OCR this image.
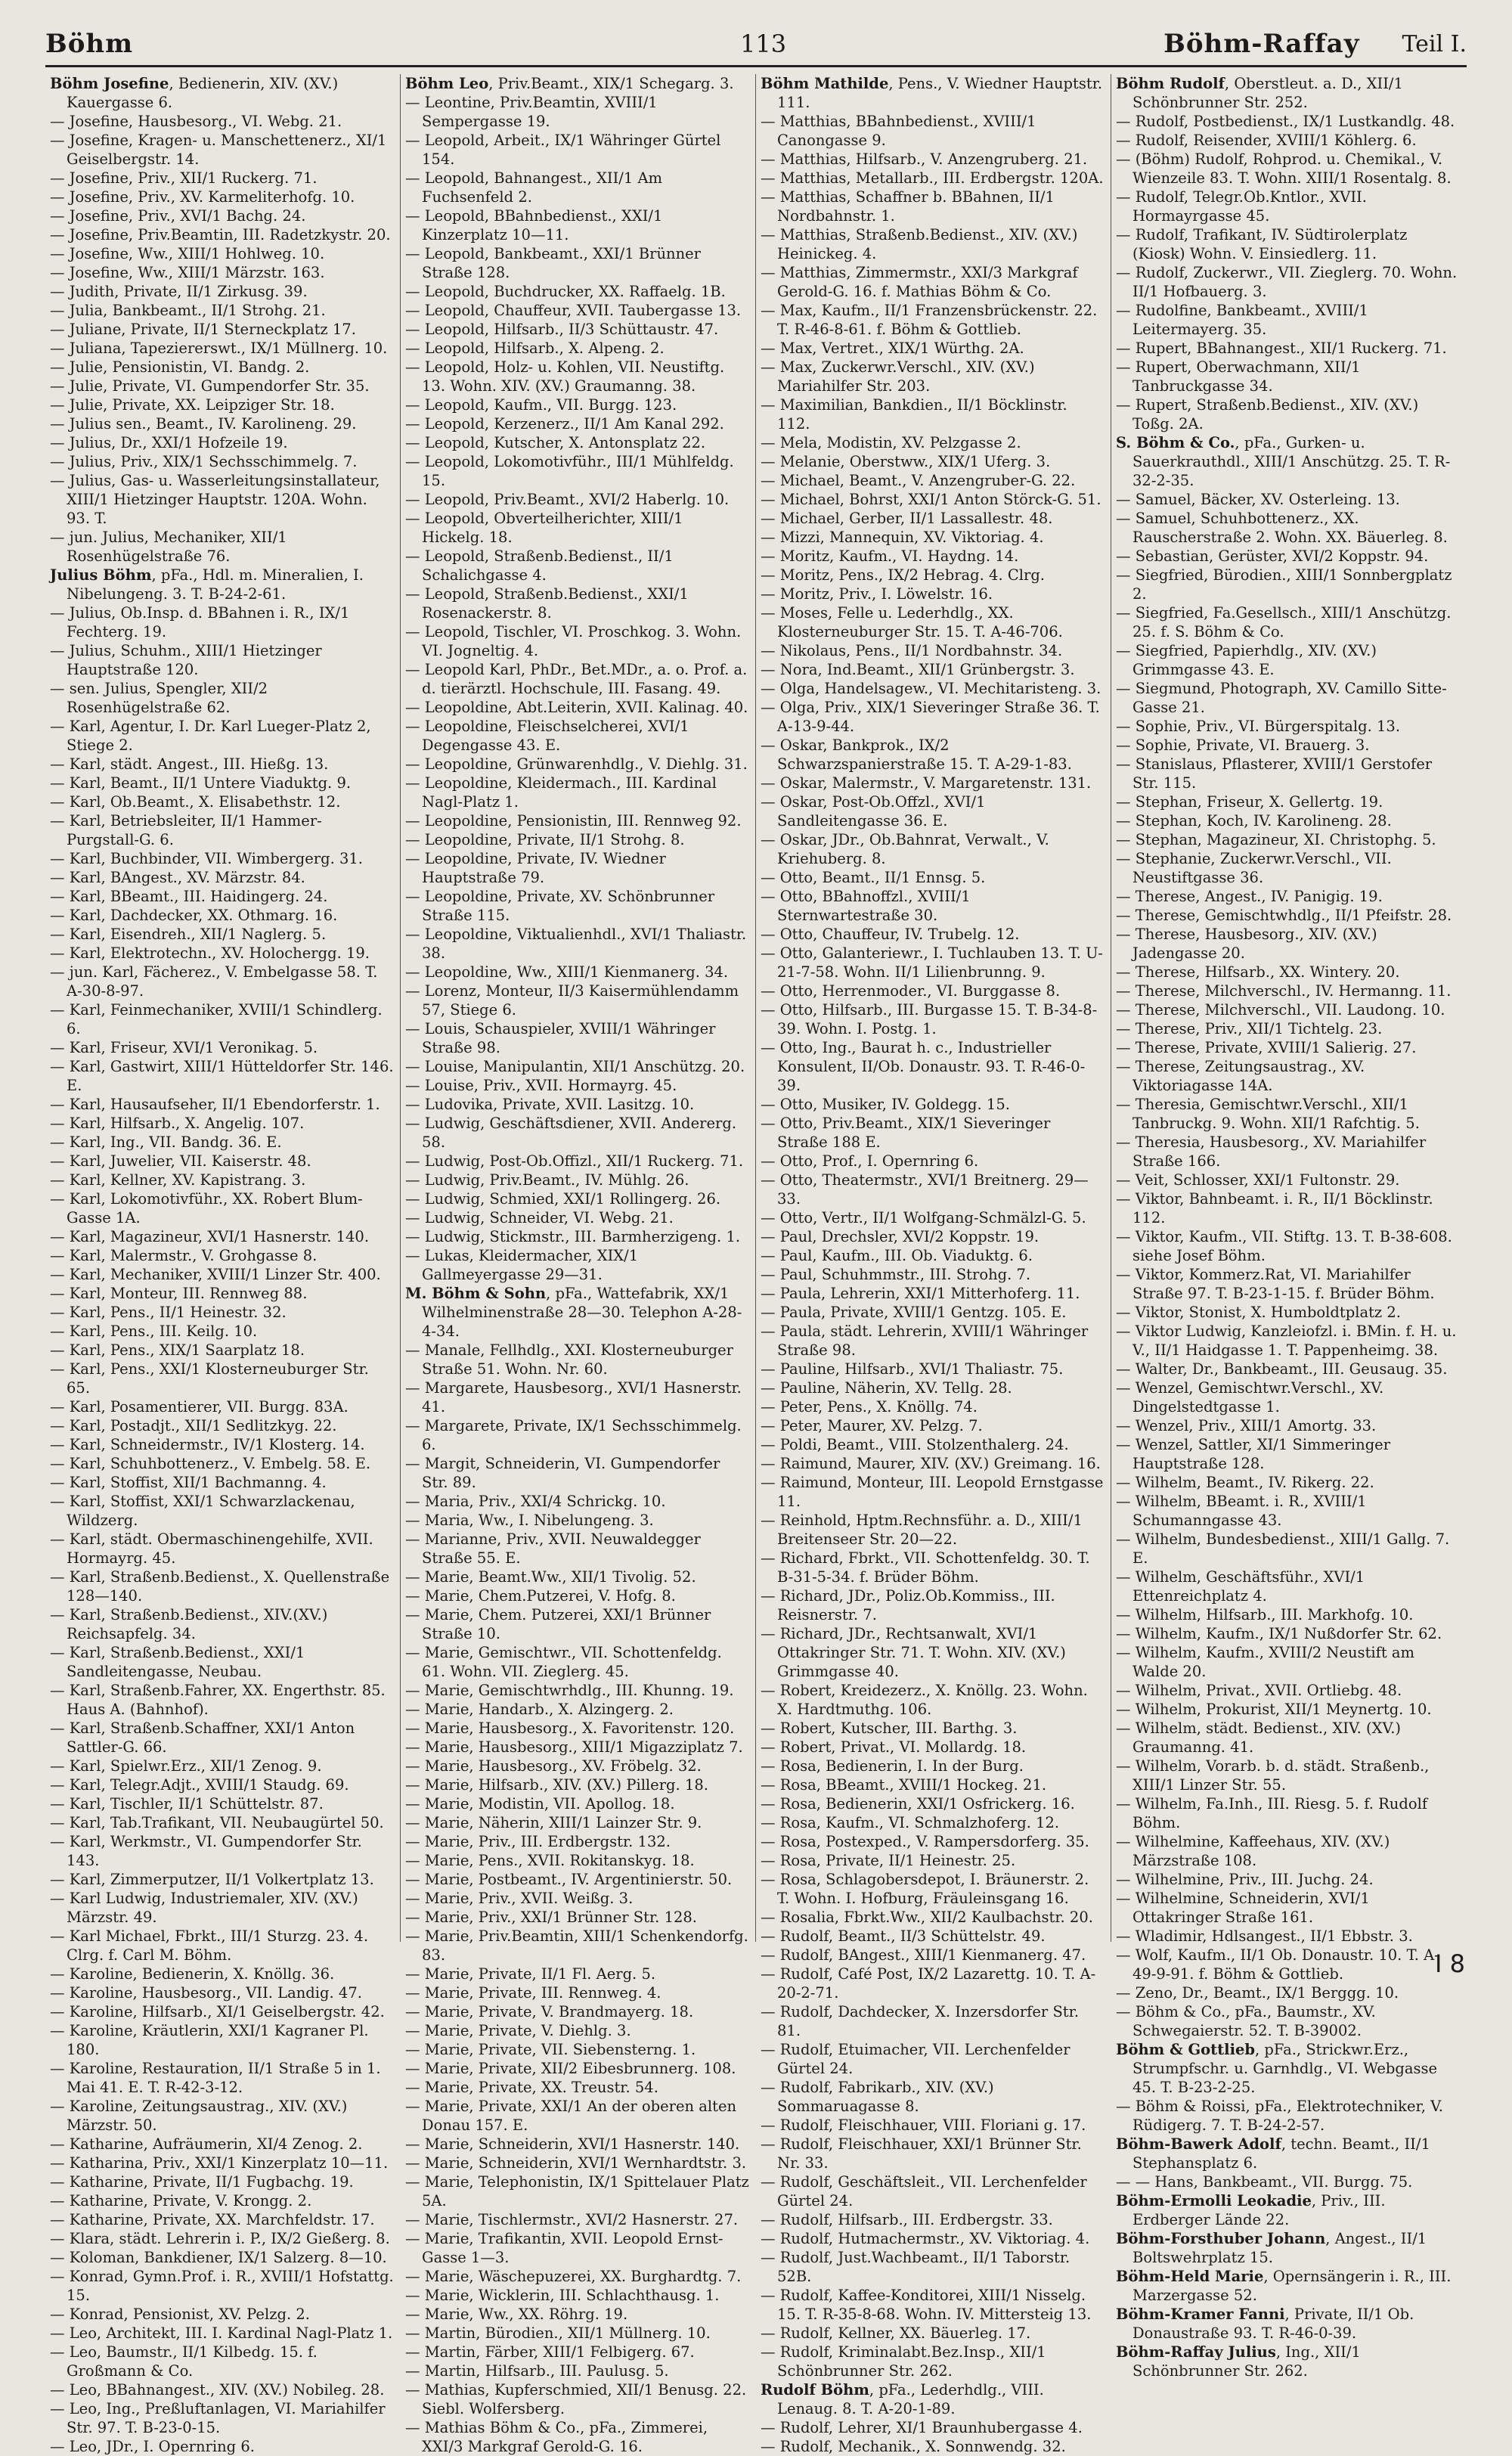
Böhm	113	Böhm-Raffay Teil I.
Böhm Josefine, Bedienerin, XIV. (XV.) Kauergasse 6.
— Josefine, Hausbesorg., VI. Webg. 21.
— Josefine, Kragen- u. Manschettenerz., XI/1 Geiselbergstr. 14.
— Josefine, Priv., XII/1 Ruckerg. 71.
— Josefine, Priv., XV. Karmeliterhofg. 10.
— Josefine, Priv., XVI/1 Bachg. 24.
— Josefine, Priv.Beamtin, III. Radetzkystr. 20.
— Josefine, Ww., XIII/1 Hohlweg. 10.
— Josefine, Ww., XIII/1 Märzstr. 163.
— Judith, Private, II/1 Zirkusg. 39.
— Julia, Bankbeamt., II/1 Strohg. 21.
— Juliane, Private, II/1 Sterneckplatz 17.
— Juliana, Tapeziererswt., IX/1 Müllnerg. 10.
— Julie, Pensionistin, VI. Bandg. 2.
— Julie, Private, VI. Gumpendorfer Str. 35.
— Julie, Private, XX. Leipziger Str. 18.
— Julius sen., Beamt., IV. Karolineng. 29.
— Julius, Dr., XXI/1 Hofzeile 19.
— Julius, Priv., XIX/1 Sechsschimmelg. 7.
— Julius, Gas- u. Wasserleitungsinstallateur, XIII/1 Hietzinger Hauptstr. 120A. Wohn. 93. T.
— jun. Julius, Mechaniker, XII/1 Rosenhügelstraße 76.
Julius Böhm, pFa., Hdl. m. Mineralien, I. Nibelungeng. 3. T. B-24-2-61.
— Julius, Ob.Insp. d. BBahnen i. R., IX/1 Fechterg. 19.
— Julius, Schuhm., XIII/1 Hietzinger Hauptstraße 120.
— sen. Julius, Spengler, XII/2 Rosenhügelstraße 62.
— Karl, Agentur, I. Dr. Karl Lueger-Platz 2, Stiege 2.
— Karl, städt. Angest., III. Hießg. 13.
— Karl, Beamt., II/1 Untere Viaduktg. 9.
— Karl, Ob.Beamt., X. Elisabethstr. 12.
— Karl, Betriebsleiter, II/1 Hammer-Purgstall-G. 6.
— Karl, Buchbinder, VII. Wimbergerg. 31.
— Karl, BAngest., XV. Märzstr. 84.
— Karl, BBeamt., III. Haidingerg. 24.
— Karl, Dachdecker, XX. Othmarg. 16.
— Karl, Eisendreh., XII/1 Naglerg. 5.
— Karl, Elektrotechn., XV. Holochergg. 19.
— jun. Karl, Fächerez., V. Embelgasse 58. T. A-30-8-97.
— Karl, Feinmechaniker, XVIII/1 Schindlerg. 6.
— Karl, Friseur, XVI/1 Veronikag. 5.
— Karl, Gastwirt, XIII/1 Hütteldorfer Str. 146. E.
— Karl, Hausaufseher, II/1 Ebendorferstr. 1.
— Karl, Hilfsarb., X. Angelig. 107.
— Karl, Ing., VII. Bandg. 36. E.
— Karl, Juwelier, VII. Kaiserstr. 48.
— Karl, Kellner, XV. Kapistrang. 3.
— Karl, Lokomotivführ., XX. Robert Blum-Gasse 1A.
— Karl, Magazineur, XVI/1 Hasnerstr. 140.
— Karl, Malermstr., V. Grohgasse 8.
— Karl, Mechaniker, XVIII/1 Linzer Str. 400.
— Karl, Monteur, III. Rennweg 88.
— Karl, Pens., II/1 Heinestr. 32.
— Karl, Pens., III. Keilg. 10.
— Karl, Pens., XIX/1 Saarplatz 18.
— Karl, Pens., XXI/1 Klosterneuburger Str. 65.
— Karl, Posamentierer, VII. Burgg. 83A.
— Karl, Postadjt., XII/1 Sedlitzkyg. 22.
— Karl, Schneidermstr., IV/1 Klosterg. 14.
— Karl, Schuhbottenerz., V. Embelg. 58. E.
— Karl, Stoffist, XII/1 Bachmanng. 4.
— Karl, Stoffist, XXI/1 Schwarzlackenau, Wildzerg.
— Karl, städt. Obermaschinengehilfe, XVII. Hormayrg. 45.
— Karl, Straßenb.Bedienst., X. Quellenstraße 128—140.
— Karl, Straßenb.Bedienst., XIV.(XV.) Reichsapfelg. 34.
— Karl, Straßenb.Bedienst., XXI/1 Sandleitengasse, Neubau.
— Karl, Straßenb.Fahrer, XX. Engerthstr. 85. Haus A. (Bahnhof).
— Karl, Straßenb.Schaffner, XXI/1 Anton Sattler-G. 66.
— Karl, Spielwr.Erz., XII/1 Zenog. 9.
— Karl, Telegr.Adjt., XVIII/1 Staudg. 69.
— Karl, Tischler, II/1 Schüttelstr. 87.
— Karl, Tab.Trafikant, VII. Neubaugürtel 50.
— Karl, Werkmstr., VI. Gumpendorfer Str. 143.
— Karl, Zimmerputzer, II/1 Volkertplatz 13.
— Karl Ludwig, Industriemaler, XIV. (XV.) Märzstr. 49.
— Karl Michael, Fbrkt., III/1 Sturzg. 23. 4. Clrg. f. Carl M. Böhm.
— Karoline, Bedienerin, X. Knöllg. 36.
— Karoline, Hausbesorg., VII. Landig. 47.
— Karoline, Hilfsarb., XI/1 Geiselbergstr. 42.
— Karoline, Kräutlerin, XXI/1 Kagraner Pl. 180.
— Karoline, Restauration, II/1 Straße 5 in 1. Mai 41. E. T. R-42-3-12.
— Karoline, Zeitungsaustrag., XIV. (XV.) Märzstr. 50.
— Katharine, Aufräumerin, XI/4 Zenog. 2.
— Katharina, Priv., XXI/1 Kinzerplatz 10—11.
— Katharine, Private, II/1 Fugbachg. 19.
— Katharine, Private, V. Krongg. 2.
— Katharine, Private, XX. Marchfeldstr. 17.
— Klara, städt. Lehrerin i. P., IX/2 Gießerg. 8.
— Koloman, Bankdiener, IX/1 Salzerg. 8—10.
— Konrad, Gymn.Prof. i. R., XVIII/1 Hofstattg. 15.
— Konrad, Pensionist, XV. Pelzg. 2.
— Leo, Architekt, III. I. Kardinal Nagl-Platz 1.
— Leo, Baumstr., II/1 Kilbedg. 15. f. Großmann & Co.
— Leo, BBahnangest., XIV. (XV.) Nobileg. 28.
— Leo, Ing., Preßluftanlagen, VI. Mariahilfer Str. 97. T. B-23-0-15.
— Leo, JDr., I. Opernring 6.
Böhm Leo, Priv.Beamt., XIX/1 Schegarg. 3.
— Leontine, Priv.Beamtin, XVIII/1 Sempergasse 19.
— Leopold, Arbeit., IX/1 Währinger Gürtel 154.
— Leopold, Bahnangest., XII/1 Am Fuchsenfeld 2.
— Leopold, BBahnbedienst., XXI/1 Kinzerplatz 10—11.
— Leopold, Bankbeamt., XXI/1 Brünner Straße 128.
— Leopold, Buchdrucker, XX. Raffaelg. 1B.
— Leopold, Chauffeur, XVII. Taubergasse 13.
— Leopold, Hilfsarb., II/3 Schüttaustr. 47.
— Leopold, Hilfsarb., X. Alpeng. 2.
— Leopold, Holz- u. Kohlen, VII. Neustiftg. 13. Wohn. XIV. (XV.) Graumanng. 38.
— Leopold, Kaufm., VII. Burgg. 123.
— Leopold, Kerzenerz., II/1 Am Kanal 292.
— Leopold, Kutscher, X. Antonsplatz 22.
— Leopold, Lokomotivführ., III/1 Mühlfeldg. 15.
— Leopold, Priv.Beamt., XVI/2 Haberlg. 10.
— Leopold, Obverteilherichter, XIII/1 Hickelg. 18.
— Leopold, Straßenb.Bedienst., II/1 Schalichgasse 4.
— Leopold, Straßenb.Bedienst., XXI/1 Rosenackerstr. 8.
— Leopold, Tischler, VI. Proschkog. 3. Wohn. VI. Jogneltig. 4.
— Leopold Karl, PhDr., Bet.MDr., a. o. Prof. a. d. tierärztl. Hochschule, III. Fasang. 49.
— Leopoldine, Abt.Leiterin, XVII. Kalinag. 40.
— Leopoldine, Fleischselcherei, XVI/1 Degengasse 43. E.
— Leopoldine, Grünwarenhdlg., V. Diehlg. 31.
— Leopoldine, Kleidermach., III. Kardinal Nagl-Platz 1.
— Leopoldine, Pensionistin, III. Rennweg 92.
— Leopoldine, Private, II/1 Strohg. 8.
— Leopoldine, Private, IV. Wiedner Hauptstraße 79.
— Leopoldine, Private, XV. Schönbrunner Straße 115.
— Leopoldine, Viktualienhdl., XVI/1 Thaliastr. 38.
— Leopoldine, Ww., XIII/1 Kienmanerg. 34.
— Lorenz, Monteur, II/3 Kaisermühlendamm 57, Stiege 6.
— Louis, Schauspieler, XVIII/1 Währinger Straße 98.
— Louise, Manipulantin, XII/1 Anschützg. 20.
— Louise, Priv., XVII. Hormayrg. 45.
— Ludovika, Private, XVII. Lasitzg. 10.
— Ludwig, Geschäftsdiener, XVII. Andererg. 58.
— Ludwig, Post-Ob.Offizl., XII/1 Ruckerg. 71.
— Ludwig, Priv.Beamt., IV. Mühlg. 26.
— Ludwig, Schmied, XXI/1 Rollingerg. 26.
— Ludwig, Schneider, VI. Webg. 21.
— Ludwig, Stickmstr., III. Barmherzigeng. 1.
— Lukas, Kleidermacher, XIX/1 Gallmeyergasse 29—31.
M. Böhm & Sohn, pFa., Wattefabrik, XX/1 Wilhelminenstraße 28—30. Telephon A-28-4-34.
— Manale, Fellhdlg., XXI. Klosterneuburger Straße 51. Wohn. Nr. 60.
— Margarete, Hausbesorg., XVI/1 Hasnerstr. 41.
— Margarete, Private, IX/1 Sechsschimmelg. 6.
— Margit, Schneiderin, VI. Gumpendorfer Str. 89.
— Maria, Priv., XXI/4 Schrickg. 10.
— Maria, Ww., I. Nibelungeng. 3.
— Marianne, Priv., XVII. Neuwaldegger Straße 55. E.
— Marie, Beamt.Ww., XII/1 Tivolig. 52.
— Marie, Chem.Putzerei, V. Hofg. 8.
— Marie, Chem. Putzerei, XXI/1 Brünner Straße 10.
— Marie, Gemischtwr., VII. Schottenfeldg. 61. Wohn. VII. Zieglerg. 45.
— Marie, Gemischtwrhdlg., III. Khunng. 19.
— Marie, Handarb., X. Alzingerg. 2.
— Marie, Hausbesorg., X. Favoritenstr. 120.
— Marie, Hausbesorg., XIII/1 Migazziplatz 7.
— Marie, Hausbesorg., XV. Fröbelg. 32.
— Marie, Hilfsarb., XIV. (XV.) Pillerg. 18.
— Marie, Modistin, VII. Apollog. 18.
— Marie, Näherin, XIII/1 Lainzer Str. 9.
— Marie, Priv., III. Erdbergstr. 132.
— Marie, Pens., XVII. Rokitanskyg. 18.
— Marie, Postbeamt., IV. Argentinierstr. 50.
— Marie, Priv., XVII. Weißg. 3.
— Marie, Priv., XXI/1 Brünner Str. 128.
— Marie, Priv.Beamtin, XIII/1 Schenkendorfg. 83.
— Marie, Private, II/1 Fl. Aerg. 5.
— Marie, Private, III. Rennweg. 4.
— Marie, Private, V. Brandmayerg. 18.
— Marie, Private, V. Diehlg. 3.
— Marie, Private, VII. Siebensterng. 1.
— Marie, Private, XII/2 Eibesbrunnerg. 108.
— Marie, Private, XX. Treustr. 54.
— Marie, Private, XXI/1 An der oberen alten Donau 157. E.
— Marie, Schneiderin, XVI/1 Hasnerstr. 140.
— Marie, Schneiderin, XVI/1 Wernhardtstr. 3.
— Marie, Telephonistin, IX/1 Spittelauer Platz 5A.
— Marie, Tischlermstr., XVI/2 Hasnerstr. 27.
— Marie, Trafikantin, XVII. Leopold Ernst-Gasse 1—3.
— Marie, Wäschepuzerei, XX. Burghardtg. 7.
— Marie, Wicklerin, III. Schlachthausg. 1.
— Marie, Ww., XX. Röhrg. 19.
— Martin, Bürodien., XII/1 Müllnerg. 10.
— Martin, Färber, XIII/1 Felbigerg. 67.
— Martin, Hilfsarb., III. Paulusg. 5.
— Mathias, Kupferschmied, XII/1 Benusg. 22. Siebl. Wolfersberg.
— Mathias Böhm & Co., pFa., Zimmerei, XXI/3 Markgraf Gerold-G. 16.
Böhm Mathilde, Pens., V. Wiedner Hauptstr. 111.
— Matthias, BBahnbedienst., XVIII/1 Canongasse 9.
— Matthias, Hilfsarb., V. Anzengruberg. 21.
— Matthias, Metallarb., III. Erdbergstr. 120A.
— Matthias, Schaffner b. BBahnen, II/1 Nordbahnstr. 1.
— Matthias, Straßenb.Bedienst., XIV. (XV.) Heinickeg. 4.
— Matthias, Zimmermstr., XXI/3 Markgraf Gerold-G. 16. f. Mathias Böhm & Co.
— Max, Kaufm., II/1 Franzensbrückenstr. 22. T. R-46-8-61. f. Böhm & Gottlieb.
— Max, Vertret., XIX/1 Würthg. 2A.
— Max, Zuckerwr.Verschl., XIV. (XV.) Mariahilfer Str. 203.
— Maximilian, Bankdien., II/1 Böcklinstr. 112.
— Mela, Modistin, XV. Pelzgasse 2.
— Melanie, Oberstww., XIX/1 Uferg. 3.
— Michael, Beamt., V. Anzengruber-G. 22.
— Michael, Bohrst, XXI/1 Anton Störck-G. 51.
— Michael, Gerber, II/1 Lassallestr. 48.
— Mizzi, Mannequin, XV. Viktoriag. 4.
— Moritz, Kaufm., VI. Haydng. 14.
— Moritz, Pens., IX/2 Hebrag. 4. Clrg.
— Moritz, Priv., I. Löwelstr. 16.
— Moses, Felle u. Lederhdlg., XX. Klosterneuburger Str. 15. T. A-46-706.
— Nikolaus, Pens., II/1 Nordbahnstr. 34.
— Nora, Ind.Beamt., XII/1 Grünbergstr. 3.
— Olga, Handelsagew., VI. Mechitaristeng. 3.
— Olga, Priv., XIX/1 Sieveringer Straße 36. T. A-13-9-44.
— Oskar, Bankprok., IX/2 Schwarzspanierstraße 15. T. A-29-1-83.
— Oskar, Malermstr., V. Margaretenstr. 131.
— Oskar, Post-Ob.Offzl., XVI/1 Sandleitengasse 36. E.
— Oskar, JDr., Ob.Bahnrat, Verwalt., V. Kriehuberg. 8.
— Otto, Beamt., II/1 Ennsg. 5.
— Otto, BBahnoffzl., XVIII/1 Sternwartestraße 30.
— Otto, Chauffeur, IV. Trubelg. 12.
— Otto, Galanteriewr., I. Tuchlauben 13. T. U-21-7-58. Wohn. II/1 Lilienbrunng. 9.
— Otto, Herrenmoder., VI. Burggasse 8.
— Otto, Hilfsarb., III. Burgasse 15. T. B-34-8-39. Wohn. I. Postg. 1.
— Otto, Ing., Baurat h. c., Industrieller Konsulent, II/Ob. Donaustr. 93. T. R-46-0-39.
— Otto, Musiker, IV. Goldegg. 15.
— Otto, Priv.Beamt., XIX/1 Sieveringer Straße 188 E.
— Otto, Prof., I. Opernring 6.
— Otto, Theatermstr., XVI/1 Breitnerg. 29—33.
— Otto, Vertr., II/1 Wolfgang-Schmälzl-G. 5.
— Paul, Drechsler, XVI/2 Koppstr. 19.
— Paul, Kaufm., III. Ob. Viaduktg. 6.
— Paul, Schuhmmstr., III. Strohg. 7.
— Paula, Lehrerin, XXI/1 Mitterhoferg. 11.
— Paula, Private, XVIII/1 Gentzg. 105. E.
— Paula, städt. Lehrerin, XVIII/1 Währinger Straße 98.
— Pauline, Hilfsarb., XVI/1 Thaliastr. 75.
— Pauline, Näherin, XV. Tellg. 28.
— Peter, Pens., X. Knöllg. 74.
— Peter, Maurer, XV. Pelzg. 7.
— Poldi, Beamt., VIII. Stolzenthalerg. 24.
— Raimund, Maurer, XIV. (XV.) Greimang. 16.
— Raimund, Monteur, III. Leopold Ernstgasse 11.
— Reinhold, Hptm.Rechnsführ. a. D., XIII/1 Breitenseer Str. 20—22.
— Richard, Fbrkt., VII. Schottenfeldg. 30. T. B-31-5-34. f. Brüder Böhm.
— Richard, JDr., Poliz.Ob.Kommiss., III. Reisnerstr. 7.
— Richard, JDr., Rechtsanwalt, XVI/1 Ottakringer Str. 71. T. Wohn. XIV. (XV.) Grimmgasse 40.
— Robert, Kreidezerz., X. Knöllg. 23. Wohn. X. Hardtmuthg. 106.
— Robert, Kutscher, III. Barthg. 3.
— Robert, Privat., VI. Mollardg. 18.
— Rosa, Bedienerin, I. In der Burg.
— Rosa, BBeamt., XVIII/1 Hockeg. 21.
— Rosa, Bedienerin, XXI/1 Osfrickerg. 16.
— Rosa, Kaufm., VI. Schmalzhoferg. 12.
— Rosa, Postexped., V. Rampersdorferg. 35.
— Rosa, Private, II/1 Heinestr. 25.
— Rosa, Schlagobersdepot, I. Bräunerstr. 2. T. Wohn. I. Hofburg, Fräuleinsgang 16.
— Rosalia, Fbrkt.Ww., XII/2 Kaulbachstr. 20.
— Rudolf, Beamt., II/3 Schüttelstr. 49.
— Rudolf, BAngest., XIII/1 Kienmanerg. 47.
— Rudolf, Café Post, IX/2 Lazarettg. 10. T. A-20-2-71.
— Rudolf, Dachdecker, X. Inzersdorfer Str. 81.
— Rudolf, Etuimacher, VII. Lerchenfelder Gürtel 24.
— Rudolf, Fabrikarb., XIV. (XV.) Sommaruagasse 8.
— Rudolf, Fleischhauer, VIII. Floriani g. 17.
— Rudolf, Fleischhauer, XXI/1 Brünner Str. Nr. 33.
— Rudolf, Geschäftsleit., VII. Lerchenfelder Gürtel 24.
— Rudolf, Hilfsarb., III. Erdbergstr. 33.
— Rudolf, Hutmachermstr., XV. Viktoriag. 4.
— Rudolf, Just.Wachbeamt., II/1 Taborstr. 52B.
— Rudolf, Kaffee-Konditorei, XIII/1 Nisselg. 15. T. R-35-8-68. Wohn. IV. Mittersteig 13.
— Rudolf, Kellner, XX. Bäuerleg. 17.
— Rudolf, Kriminalabt.Bez.Insp., XII/1 Schönbrunner Str. 262.
Rudolf Böhm, pFa., Lederhdlg., VIII. Lenaug. 8. T. A-20-1-89.
— Rudolf, Lehrer, XI/1 Braunhubergasse 4.
— Rudolf, Mechanik., X. Sonnwendg. 32.
Böhm Rudolf, Oberstleut. a. D., XII/1 Schönbrunner Str. 252.
— Rudolf, Postbedienst., IX/1 Lustkandlg. 48.
— Rudolf, Reisender, XVIII/1 Köhlerg. 6.
— (Böhm) Rudolf, Rohprod. u. Chemikal., V. Wienzeile 83. T. Wohn. XIII/1 Rosentalg. 8.
— Rudolf, Telegr.Ob.Kntlor., XVII. Hormayrgasse 45.
— Rudolf, Trafikant, IV. Südtirolerplatz (Kiosk) Wohn. V. Einsiedlerg. 11.
— Rudolf, Zuckerwr., VII. Zieglerg. 70. Wohn. II/1 Hofbauerg. 3.
— Rudolfine, Bankbeamt., XVIII/1 Leitermayerg. 35.
— Rupert, BBahnangest., XII/1 Ruckerg. 71.
— Rupert, Oberwachmann, XII/1 Tanbruckgasse 34.
— Rupert, Straßenb.Bedienst., XIV. (XV.) Toßg. 2A.
S. Böhm & Co., pFa., Gurken- u. Sauerkrauthdl., XIII/1 Anschützg. 25. T. R-32-2-35.
— Samuel, Bäcker, XV. Osterleing. 13.
— Samuel, Schuhbottenerz., XX. Rauscherstraße 2. Wohn. XX. Bäuerleg. 8.
— Sebastian, Gerüster, XVI/2 Koppstr. 94.
— Siegfried, Bürodien., XIII/1 Sonnbergplatz 2.
— Siegfried, Fa.Gesellsch., XIII/1 Anschützg. 25. f. S. Böhm & Co.
— Siegfried, Papierhdlg., XIV. (XV.) Grimmgasse 43. E.
— Siegmund, Photograph, XV. Camillo Sitte-Gasse 21.
— Sophie, Priv., VI. Bürgerspitalg. 13.
— Sophie, Private, VI. Brauerg. 3.
— Stanislaus, Pflasterer, XVIII/1 Gerstofer Str. 115.
— Stephan, Friseur, X. Gellertg. 19.
— Stephan, Koch, IV. Karolineng. 28.
— Stephan, Magazineur, XI. Christophg. 5.
— Stephanie, Zuckerwr.Verschl., VII. Neustiftgasse 36.
— Therese, Angest., IV. Panigig. 19.
— Therese, Gemischtwhdlg., II/1 Pfeifstr. 28.
— Therese, Hausbesorg., XIV. (XV.) Jadengasse 20.
— Therese, Hilfsarb., XX. Wintery. 20.
— Therese, Milchverschl., IV. Hermanng. 11.
— Therese, Milchverschl., VII. Laudong. 10.
— Therese, Priv., XII/1 Tichtelg. 23.
— Therese, Private, XVIII/1 Salierig. 27.
— Therese, Zeitungsaustrag., XV. Viktoriagasse 14A.
— Theresia, Gemischtwr.Verschl., XII/1 Tanbruckg. 9. Wohn. XII/1 Rafchtig. 5.
— Theresia, Hausbesorg., XV. Mariahilfer Straße 166.
— Veit, Schlosser, XXI/1 Fultonstr. 29.
— Viktor, Bahnbeamt. i. R., II/1 Böcklinstr. 112.
— Viktor, Kaufm., VII. Stiftg. 13. T. B-38-608. siehe Josef Böhm.
— Viktor, Kommerz.Rat, VI. Mariahilfer Straße 97. T. B-23-1-15. f. Brüder Böhm.
— Viktor, Stonist, X. Humboldtplatz 2.
— Viktor Ludwig, Kanzleiofzl. i. BMin. f. H. u. V., II/1 Haidgasse 1. T. Pappenheimg. 38.
— Walter, Dr., Bankbeamt., III. Geusaug. 35.
— Wenzel, Gemischtwr.Verschl., XV. Dingelstedtgasse 1.
— Wenzel, Priv., XIII/1 Amortg. 33.
— Wenzel, Sattler, XI/1 Simmeringer Hauptstraße 128.
— Wilhelm, Beamt., IV. Rikerg. 22.
— Wilhelm, BBeamt. i. R., XVIII/1 Schumanngasse 43.
— Wilhelm, Bundesbedienst., XIII/1 Gallg. 7. E.
— Wilhelm, Geschäftsführ., XVI/1 Ettenreichplatz 4.
— Wilhelm, Hilfsarb., III. Markhofg. 10.
— Wilhelm, Kaufm., IX/1 Nußdorfer Str. 62.
— Wilhelm, Kaufm., XVIII/2 Neustift am Walde 20.
— Wilhelm, Privat., XVII. Ortliebg. 48.
— Wilhelm, Prokurist, XII/1 Meynertg. 10.
— Wilhelm, städt. Bedienst., XIV. (XV.) Graumanng. 41.
— Wilhelm, Vorarb. b. d. städt. Straßenb., XIII/1 Linzer Str. 55.
— Wilhelm, Fa.Inh., III. Riesg. 5. f. Rudolf Böhm.
— Wilhelmine, Kaffeehaus, XIV. (XV.) Märzstraße 108.
— Wilhelmine, Priv., III. Juchg. 24.
— Wilhelmine, Schneiderin, XVI/1 Ottakringer Straße 161.
— Wladimir, Hdlsangest., II/1 Ebbstr. 3.
— Wolf, Kaufm., II/1 Ob. Donaustr. 10. T. A-49-9-91. f. Böhm & Gottlieb.
— Zeno, Dr., Beamt., IX/1 Berggg. 10.
— Böhm & Co., pFa., Baumstr., XV. Schwegaierstr. 52. T. B-39002.
Böhm & Gottlieb, pFa., Strickwr.Erz., Strumpfschr. u. Garnhdlg., VI. Webgasse 45. T. B-23-2-25.
— Böhm & Roissi, pFa., Elektrotechniker, V. Rüdigerg. 7. T. B-24-2-57.
Böhm-Bawerk Adolf, techn. Beamt., II/1 Stephansplatz 6.
— — Hans, Bankbeamt., VII. Burgg. 75.
Böhm-Ermolli Leokadie, Priv., III. Erdberger Lände 22.
Böhm-Forsthuber Johann, Angest., II/1 Boltswehrplatz 15.
Böhm-Held Marie, Opernsängerin i. R., III. Marzergasse 52.
Böhm-Kramer Fanni, Private, II/1 Ob. Donaustraße 93. T. R-46-0-39.
Böhm-Raffay Julius, Ing., XII/1 Schönbrunner Str. 262.
I 8
